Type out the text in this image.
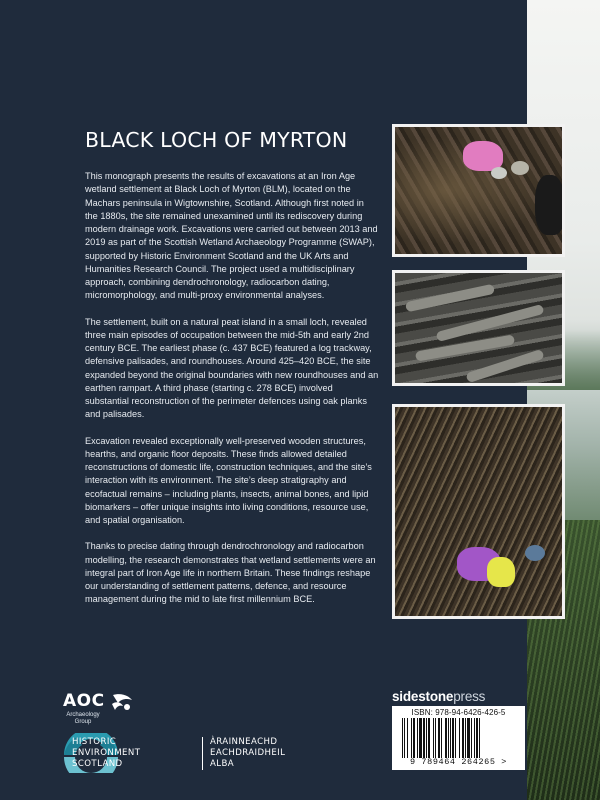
BLACK LOCH OF MYRTON

This monograph presents the results of excavations at an Iron Age wetland settlement at Black Loch of Myrton (BLM), located on the Machars peninsula in Wigtownshire, Scotland. Although first noted in the 1880s, the site remained unexamined until its rediscovery during modern drainage work. Excavations were carried out between 2013 and 2019 as part of the Scottish Wetland Archaeology Programme (SWAP), supported by Historic Environment Scotland and the UK Arts and Humanities Research Council. The project used a multidisciplinary approach, combining dendrochronology, radiocarbon dating, micromorphology, and multi-proxy environmental analyses.

The settlement, built on a natural peat island in a small loch, revealed three main episodes of occupation between the mid-5th and early 2nd century BCE. The earliest phase (c. 437 BCE) featured a log trackway, defensive palisades, and roundhouses. Around 425–420 BCE, the site expanded beyond the original boundaries with new roundhouses and an earthen rampart. A third phase (starting c. 278 BCE) involved substantial reconstruction of the perimeter defences using oak planks and palisades.

Excavation revealed exceptionally well-preserved wooden structures, hearths, and organic floor deposits. These finds allowed detailed reconstructions of domestic life, construction techniques, and the site’s interaction with its environment. The site’s deep stratigraphy and ecofactual remains – including plants, insects, animal bones, and lipid biomarkers – offer unique insights into living conditions, resource use, and spatial organisation.

Thanks to precise dating through dendrochronology and radiocarbon modelling, the research demonstrates that wetland settlements were an integral part of Iron Age life in northern Britain. These findings reshape our understanding of settlement patterns, defence, and resource management during the mid to late first millennium BCE.

AOC
Archaeology Group
HISTORIC
ENVIRONMENT
SCOTLAND
ÀRAINNEACHD
EACHDRAIDHEIL
ALBA
sidestonepress
ISBN: 978-94-6426-426-5
9 789464 264265 >
